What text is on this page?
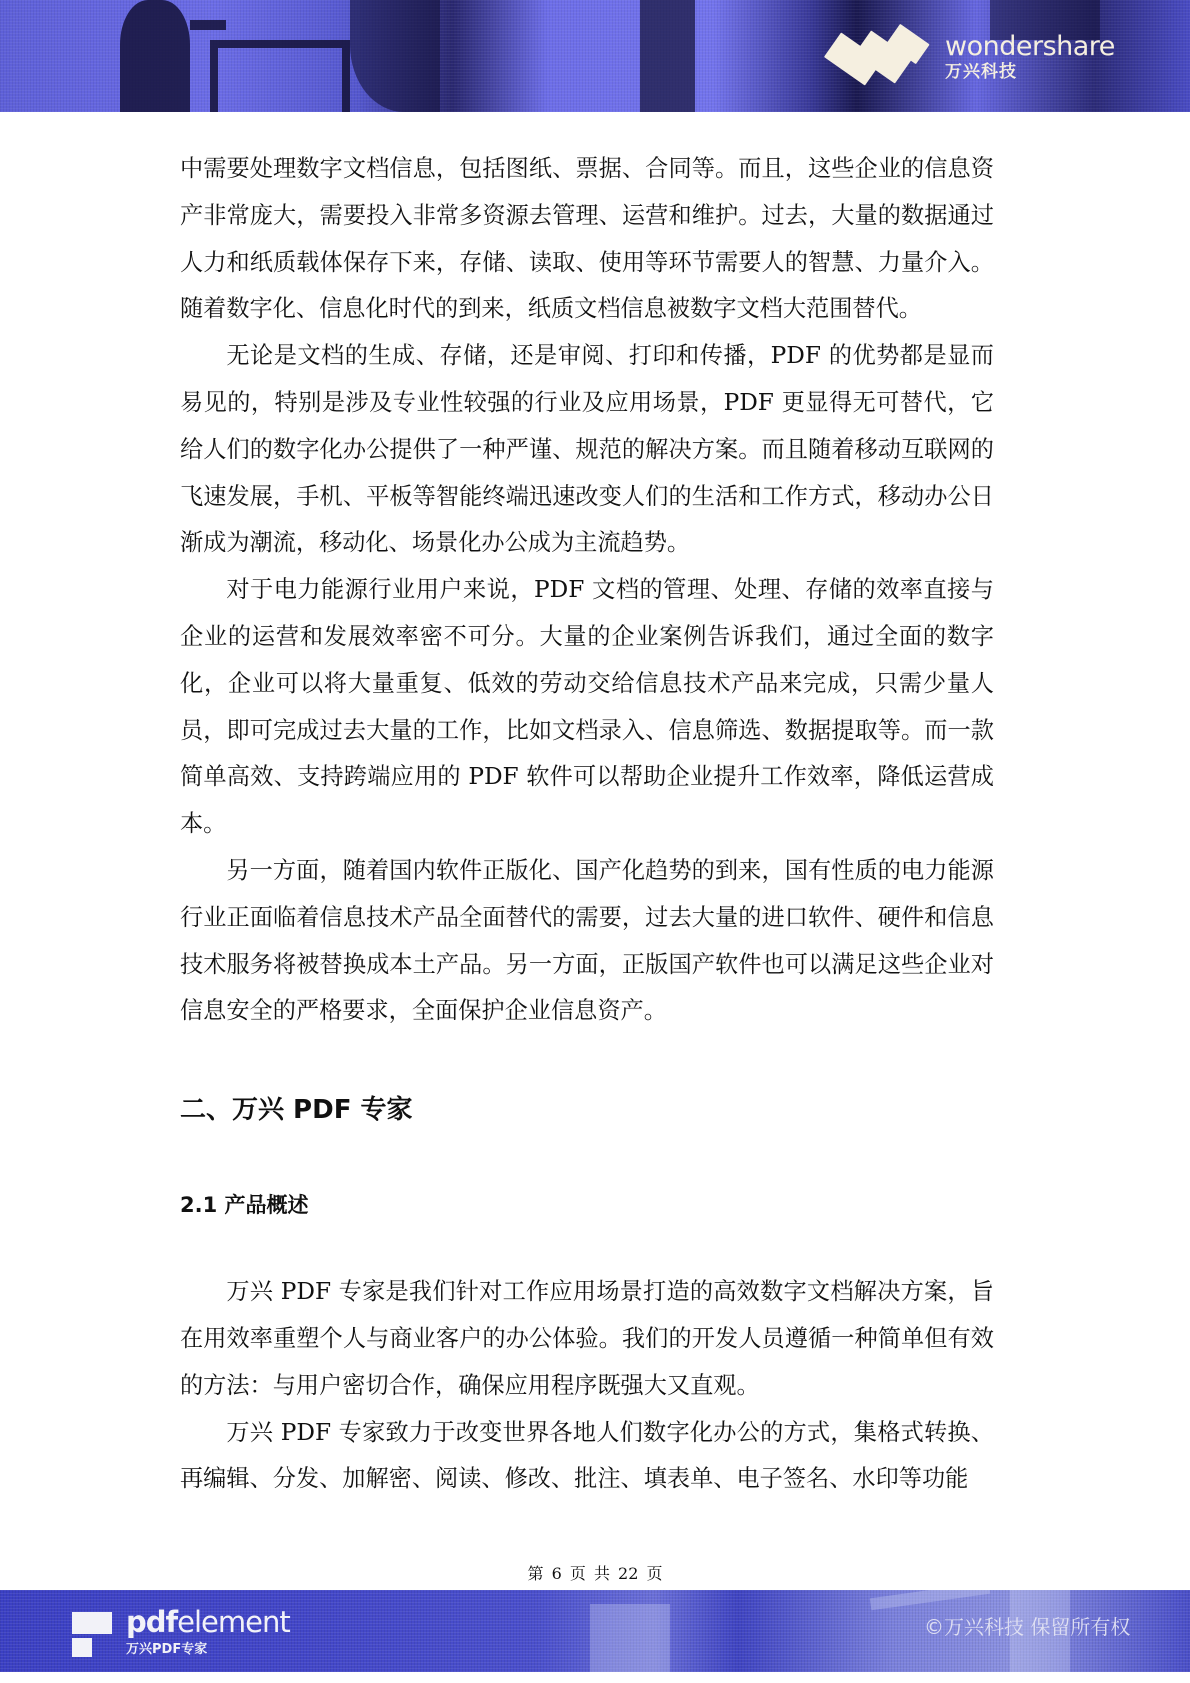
wondershare
万兴科技

中需要处理数字文档信息，包括图纸、票据、合同等。而且，这些企业的信息资产非常庞大，需要投入非常多资源去管理、运营和维护。过去，大量的数据通过人力和纸质载体保存下来，存储、读取、使用等环节需要人的智慧、力量介入。随着数字化、信息化时代的到来，纸质文档信息被数字文档大范围替代。

无论是文档的生成、存储，还是审阅、打印和传播，PDF 的优势都是显而易见的，特别是涉及专业性较强的行业及应用场景，PDF 更显得无可替代，它给人们的数字化办公提供了一种严谨、规范的解决方案。而且随着移动互联网的飞速发展，手机、平板等智能终端迅速改变人们的生活和工作方式，移动办公日渐成为潮流，移动化、场景化办公成为主流趋势。

对于电力能源行业用户来说，PDF 文档的管理、处理、存储的效率直接与企业的运营和发展效率密不可分。大量的企业案例告诉我们，通过全面的数字化，企业可以将大量重复、低效的劳动交给信息技术产品来完成，只需少量人员，即可完成过去大量的工作，比如文档录入、信息筛选、数据提取等。而一款简单高效、支持跨端应用的 PDF 软件可以帮助企业提升工作效率，降低运营成本。

另一方面，随着国内软件正版化、国产化趋势的到来，国有性质的电力能源行业正面临着信息技术产品全面替代的需要，过去大量的进口软件、硬件和信息技术服务将被替换成本土产品。另一方面，正版国产软件也可以满足这些企业对信息安全的严格要求，全面保护企业信息资产。

二、万兴 PDF 专家
2.1 产品概述

万兴 PDF 专家是我们针对工作应用场景打造的高效数字文档解决方案，旨在用效率重塑个人与商业客户的办公体验。我们的开发人员遵循一种简单但有效的方法：与用户密切合作，确保应用程序既强大又直观。

万兴 PDF 专家致力于改变世界各地人们数字化办公的方式，集格式转换、再编辑、分发、加解密、阅读、修改、批注、填表单、电子签名、水印等功能

第 6 页 共 22 页
pdfelement
万兴PDF专家
©万兴科技 保留所有权
